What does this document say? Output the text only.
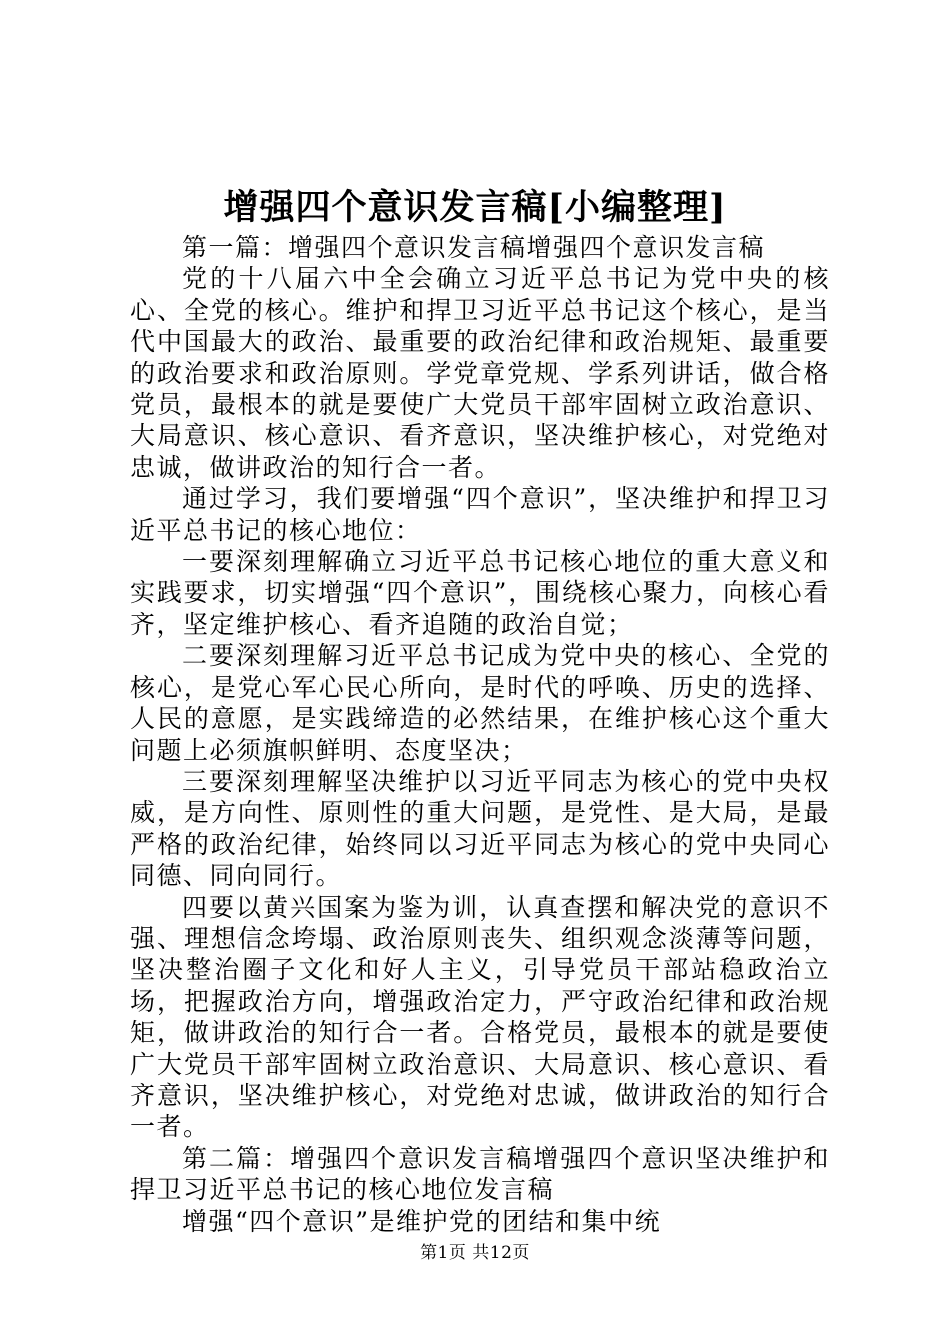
增强四个意识发言稿[小编整理]

第一篇：增强四个意识发言稿增强四个意识发言稿

党的十八届六中全会确立习近平总书记为党中央的核心、全党的核心。维护和捍卫习近平总书记这个核心，是当代中国最大的政治、最重要的政治纪律和政治规矩、最重要的政治要求和政治原则。学党章党规、学系列讲话，做合格党员，最根本的就是要使广大党员干部牢固树立政治意识、大局意识、核心意识、看齐意识，坚决维护核心，对党绝对忠诚，做讲政治的知行合一者。

通过学习，我们要增强“四个意识”，坚决维护和捍卫习近平总书记的核心地位：

一要深刻理解确立习近平总书记核心地位的重大意义和实践要求，切实增强“四个意识”，围绕核心聚力，向核心看齐，坚定维护核心、看齐追随的政治自觉；

二要深刻理解习近平总书记成为党中央的核心、全党的核心，是党心军心民心所向，是时代的呼唤、历史的选择、人民的意愿，是实践缔造的必然结果，在维护核心这个重大问题上必须旗帜鲜明、态度坚决；

三要深刻理解坚决维护以习近平同志为核心的党中央权威，是方向性、原则性的重大问题，是党性、是大局，是最严格的政治纪律，始终同以习近平同志为核心的党中央同心同德、同向同行。

四要以黄兴国案为鉴为训，认真查摆和解决党的意识不强、理想信念垮塌、政治原则丧失、组织观念淡薄等问题，坚决整治圈子文化和好人主义，引导党员干部站稳政治立场，把握政治方向，增强政治定力，严守政治纪律和政治规矩，做讲政治的知行合一者。合格党员，最根本的就是要使广大党员干部牢固树立政治意识、大局意识、核心意识、看齐意识，坚决维护核心，对党绝对忠诚，做讲政治的知行合一者。

第二篇：增强四个意识发言稿增强四个意识坚决维护和捍卫习近平总书记的核心地位发言稿

增强“四个意识”是维护党的团结和集中统

第1页 共12页
